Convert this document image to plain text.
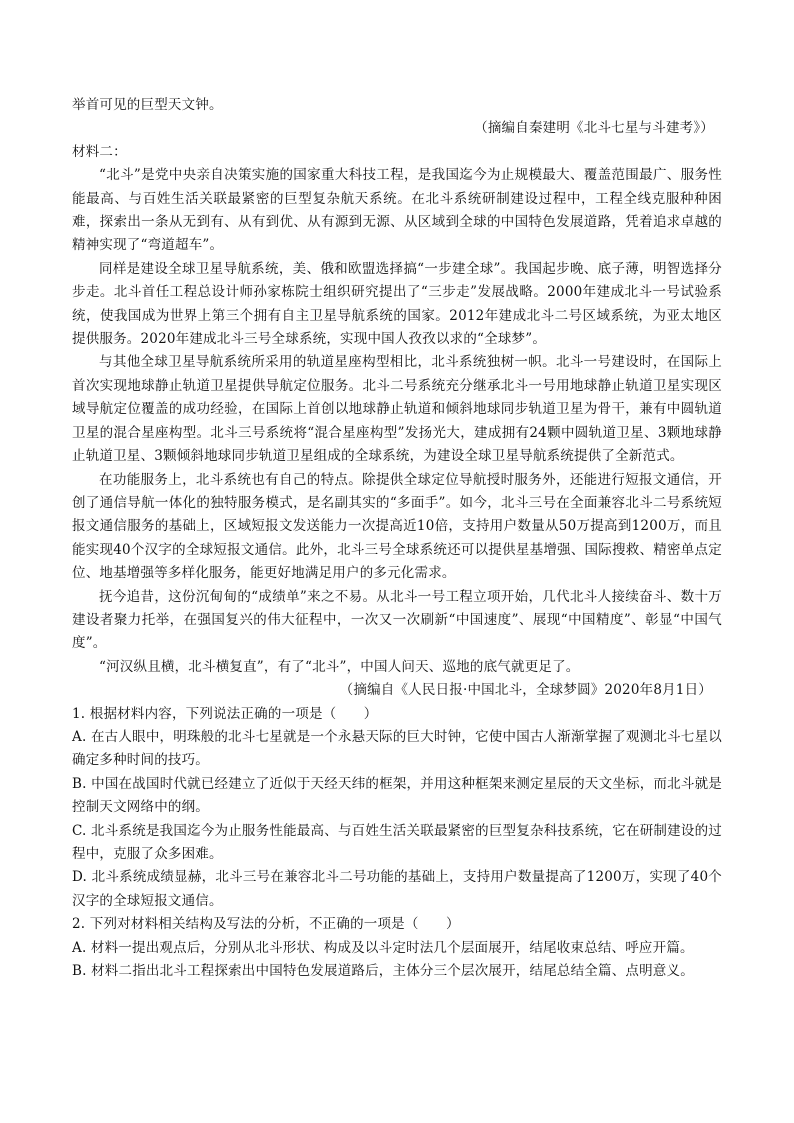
举首可见的巨型天文钟。
（摘编自秦建明《北斗七星与斗建考》）
材料二：
“北斗”是党中央亲自决策实施的国家重大科技工程，是我国迄今为止规模最大、覆盖范围最广、服务性能最高、与百姓生活关联最紧密的巨型复杂航天系统。在北斗系统研制建设过程中，工程全线克服种种困难，探索出一条从无到有、从有到优、从有源到无源、从区域到全球的中国特色发展道路，凭着追求卓越的精神实现了“弯道超车”。
同样是建设全球卫星导航系统，美、俄和欧盟选择搞“一步建全球”。我国起步晚、底子薄，明智选择分步走。北斗首任工程总设计师孙家栋院士组织研究提出了“三步走”发展战略。2000年建成北斗一号试验系统，使我国成为世界上第三个拥有自主卫星导航系统的国家。2012年建成北斗二号区域系统，为亚太地区提供服务。2020年建成北斗三号全球系统，实现中国人孜孜以求的“全球梦”。
与其他全球卫星导航系统所采用的轨道星座构型相比，北斗系统独树一帜。北斗一号建设时，在国际上首次实现地球静止轨道卫星提供导航定位服务。北斗二号系统充分继承北斗一号用地球静止轨道卫星实现区域导航定位覆盖的成功经验，在国际上首创以地球静止轨道和倾斜地球同步轨道卫星为骨干，兼有中圆轨道卫星的混合星座构型。北斗三号系统将“混合星座构型”发扬光大，建成拥有24颗中圆轨道卫星、3颗地球静止轨道卫星、3颗倾斜地球同步轨道卫星组成的全球系统，为建设全球卫星导航系统提供了全新范式。
在功能服务上，北斗系统也有自己的特点。除提供全球定位导航授时服务外，还能进行短报文通信，开创了通信导航一体化的独特服务模式，是名副其实的“多面手”。如今，北斗三号在全面兼容北斗二号系统短报文通信服务的基础上，区域短报文发送能力一次提高近10倍，支持用户数量从50万提高到1200万，而且能实现40个汉字的全球短报文通信。此外，北斗三号全球系统还可以提供星基增强、国际搜救、精密单点定位、地基增强等多样化服务，能更好地满足用户的多元化需求。
抚今追昔，这份沉甸甸的“成绩单”来之不易。从北斗一号工程立项开始，几代北斗人接续奋斗、数十万建设者聚力托举，在强国复兴的伟大征程中，一次又一次刷新“中国速度”、展现“中国精度”、彰显“中国气度”。
“河汉纵且横，北斗横复直”，有了“北斗”，中国人问天、巡地的底气就更足了。
（摘编自《人民日报·中国北斗，全球梦圆》2020年8月1日）
1. 根据材料内容，下列说法正确的一项是（　　）
A. 在古人眼中，明珠般的北斗七星就是一个永悬天际的巨大时钟，它使中国古人渐渐掌握了观测北斗七星以确定多种时间的技巧。
B. 中国在战国时代就已经建立了近似于天经天纬的框架，并用这种框架来测定星辰的天文坐标，而北斗就是控制天文网络中的纲。
C. 北斗系统是我国迄今为止服务性能最高、与百姓生活关联最紧密的巨型复杂科技系统，它在研制建设的过程中，克服了众多困难。
D. 北斗系统成绩显赫，北斗三号在兼容北斗二号功能的基础上，支持用户数量提高了1200万，实现了40个汉字的全球短报文通信。
2. 下列对材料相关结构及写法的分析，不正确的一项是（　　）
A. 材料一提出观点后，分别从北斗形状、构成及以斗定时法几个层面展开，结尾收束总结、呼应开篇。
B. 材料二指出北斗工程探索出中国特色发展道路后，主体分三个层次展开，结尾总结全篇、点明意义。
